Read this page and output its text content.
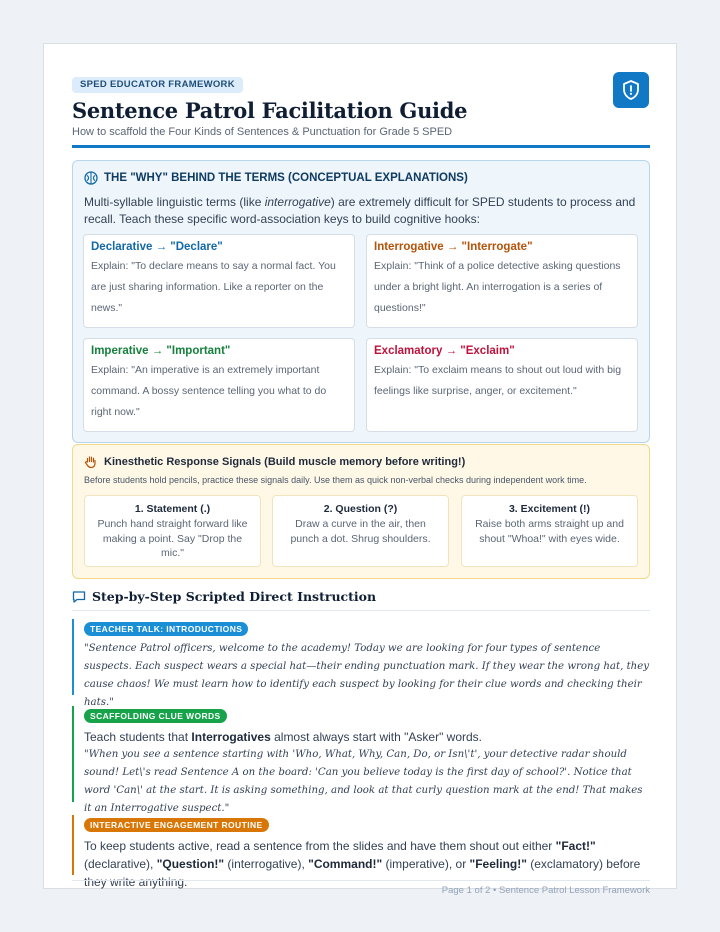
SPED EDUCATOR FRAMEWORK
Sentence Patrol Facilitation Guide
How to scaffold the Four Kinds of Sentences & Punctuation for Grade 5 SPED
THE "WHY" BEHIND THE TERMS (CONCEPTUAL EXPLANATIONS)

Multi-syllable linguistic terms (like interrogative) are extremely difficult for SPED students to process and recall. Teach these specific word-association keys to build cognitive hooks:

Declarative → "Declare"
Explain: "To declare means to say a normal fact. You are just sharing information. Like a reporter on the news."
Interrogative → "Interrogate"
Explain: "Think of a police detective asking questions under a bright light. An interrogation is a series of questions!"
Imperative → "Important"
Explain: "An imperative is an extremely important command. A bossy sentence telling you what to do right now."
Exclamatory → "Exclaim"
Explain: "To exclaim means to shout out loud with big feelings like surprise, anger, or excitement."
Kinesthetic Response Signals (Build muscle memory before writing!)
Before students hold pencils, practice these signals daily. Use them as quick non-verbal checks during independent work time.
1. Statement (.)
Punch hand straight forward like making a point. Say "Drop the mic."
2. Question (?)
Draw a curve in the air, then punch a dot. Shrug shoulders.
3. Excitement (!)
Raise both arms straight up and shout "Whoa!" with eyes wide.
Step-by-Step Scripted Direct Instruction
TEACHER TALK: INTRODUCTIONS

"Sentence Patrol officers, welcome to the academy! Today we are looking for four types of sentence suspects. Each suspect wears a special hat—their ending punctuation mark. If they wear the wrong hat, they cause chaos! We must learn how to identify each suspect by looking for their clue words and checking their hats."

SCAFFOLDING CLUE WORDS

Teach students that Interrogatives almost always start with "Asker" words.

"When you see a sentence starting with 'Who, What, Why, Can, Do, or Isn\'t', your detective radar should sound! Let\'s read Sentence A on the board: 'Can you believe today is the first day of school?'. Notice that word 'Can\' at the start. It is asking something, and look at that curly question mark at the end! That makes it an Interrogative suspect."

INTERACTIVE ENGAGEMENT ROUTINE

To keep students active, read a sentence from the slides and have them shout out either "Fact!" (declarative), "Question!" (interrogative), "Command!" (imperative), or "Feeling!" (exclamatory) before they write anything.

Page 1 of 2 • Sentence Patrol Lesson Framework
